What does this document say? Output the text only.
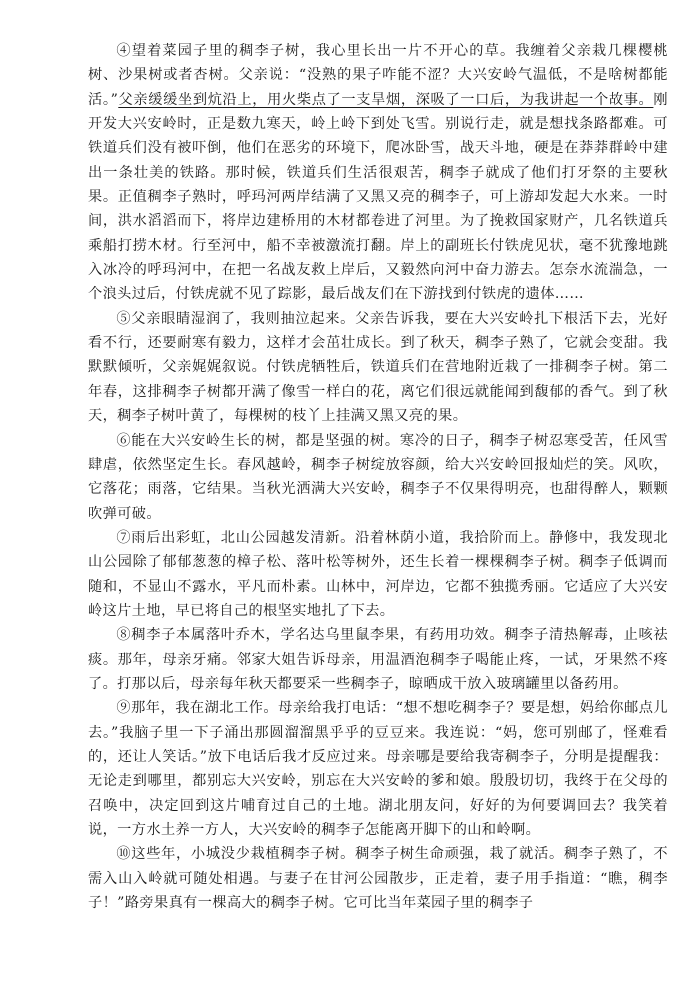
④望着菜园子里的稠李子树，我心里长出一片不开心的草。我缠着父亲栽几棵樱桃树、沙果树或者杏树。父亲说：“没熟的果子咋能不涩？大兴安岭气温低，不是啥树都能活。”父亲缓缓坐到炕沿上，用火柴点了一支旱烟，深吸了一口后，为我讲起一个故事。刚开发大兴安岭时，正是数九寒天，岭上岭下到处飞雪。别说行走，就是想找条路都难。可铁道兵们没有被吓倒，他们在恶劣的环境下，爬冰卧雪，战天斗地，硬是在莽莽群岭中建出一条壮美的铁路。那时候，铁道兵们生活很艰苦，稠李子就成了他们打牙祭的主要秋果。正值稠李子熟时，呼玛河两岸结满了又黑又亮的稠李子，可上游却发起大水来。一时间，洪水滔滔而下，将岸边建桥用的木材都卷进了河里。为了挽救国家财产，几名铁道兵乘船打捞木材。行至河中，船不幸被激流打翻。岸上的副班长付铁虎见状，毫不犹豫地跳入冰冷的呼玛河中，在把一名战友救上岸后，又毅然向河中奋力游去。怎奈水流湍急，一个浪头过后，付铁虎就不见了踪影，最后战友们在下游找到付铁虎的遗体……

⑤父亲眼睛湿润了，我则抽泣起来。父亲告诉我，要在大兴安岭扎下根活下去，光好看不行，还要耐寒有毅力，这样才会茁壮成长。到了秋天，稠李子熟了，它就会变甜。我默默倾听，父亲娓娓叙说。付铁虎牺牲后，铁道兵们在营地附近栽了一排稠李子树。第二年春，这排稠李子树都开满了像雪一样白的花，离它们很远就能闻到馥郁的香气。到了秋天，稠李子树叶黄了，每棵树的枝丫上挂满又黑又亮的果。

⑥能在大兴安岭生长的树，都是坚强的树。寒冷的日子，稠李子树忍寒受苦，任风雪肆虐，依然坚定生长。春风越岭，稠李子树绽放容颜，给大兴安岭回报灿烂的笑。风吹，它落花；雨落，它结果。当秋光洒满大兴安岭，稠李子不仅果得明亮，也甜得醉人，颗颗吹弹可破。

⑦雨后出彩虹，北山公园越发清新。沿着林荫小道，我拾阶而上。静修中，我发现北山公园除了郁郁葱葱的樟子松、落叶松等树外，还生长着一棵棵稠李子树。稠李子低调而随和，不显山不露水，平凡而朴素。山林中，河岸边，它都不独揽秀丽。它适应了大兴安岭这片土地，早已将自己的根坚实地扎了下去。

⑧稠李子本属落叶乔木，学名达乌里鼠李果，有药用功效。稠李子清热解毒，止咳祛痰。那年，母亲牙痛。邻家大姐告诉母亲，用温酒泡稠李子喝能止疼，一试，牙果然不疼了。打那以后，母亲每年秋天都要采一些稠李子，晾晒成干放入玻璃罐里以备药用。

⑨那年，我在湖北工作。母亲给我打电话：“想不想吃稠李子？要是想，妈给你邮点儿去。”我脑子里一下子涌出那圆溜溜黑乎乎的豆豆来。我连说：“妈，您可别邮了，怪难看的，还让人笑话。”放下电话后我才反应过来。母亲哪是要给我寄稠李子，分明是提醒我：无论走到哪里，都别忘大兴安岭，别忘在大兴安岭的爹和娘。殷殷切切，我终于在父母的召唤中，决定回到这片哺育过自己的土地。湖北朋友问，好好的为何要调回去？我笑着说，一方水土养一方人，大兴安岭的稠李子怎能离开脚下的山和岭啊。

⑩这些年，小城没少栽植稠李子树。稠李子树生命顽强，栽了就活。稠李子熟了，不需入山入岭就可随处相遇。与妻子在甘河公园散步，正走着，妻子用手指道：“瞧，稠李子！”路旁果真有一棵高大的稠李子树。它可比当年菜园子里的稠李子
